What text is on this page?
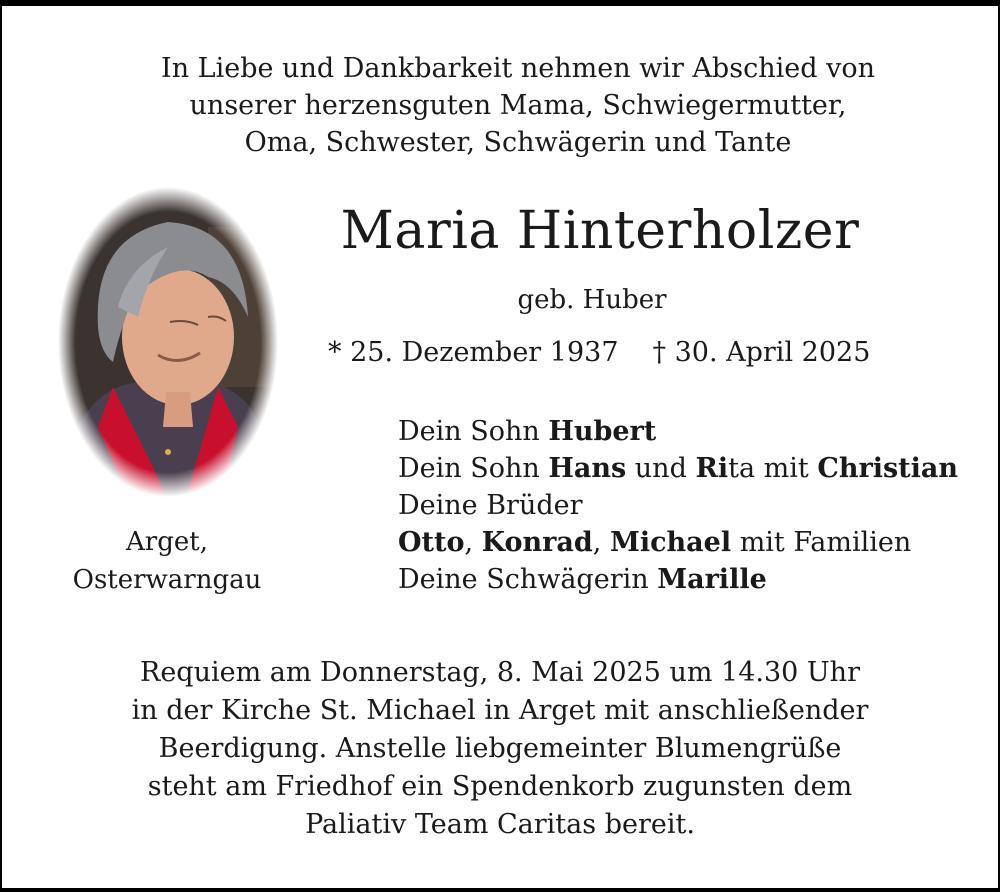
In Liebe und Dankbarkeit nehmen wir Abschied von
unserer herzensguten Mama, Schwiegermutter,
Oma, Schwester, Schwägerin und Tante
Maria Hinterholzer
geb. Huber
* 25. Dezember 1937 † 30. April 2025
Arget,
Osterwarngau
Dein Sohn Hubert
Dein Sohn Hans und Rita mit Christian
Deine Brüder
Otto, Konrad, Michael mit Familien
Deine Schwägerin Marille
Requiem am Donnerstag, 8. Mai 2025 um 14.30 Uhr
in der Kirche St. Michael in Arget mit anschließender
Beerdigung. Anstelle liebgemeinter Blumengrüße
steht am Friedhof ein Spendenkorb zugunsten dem
Paliativ Team Caritas bereit.
